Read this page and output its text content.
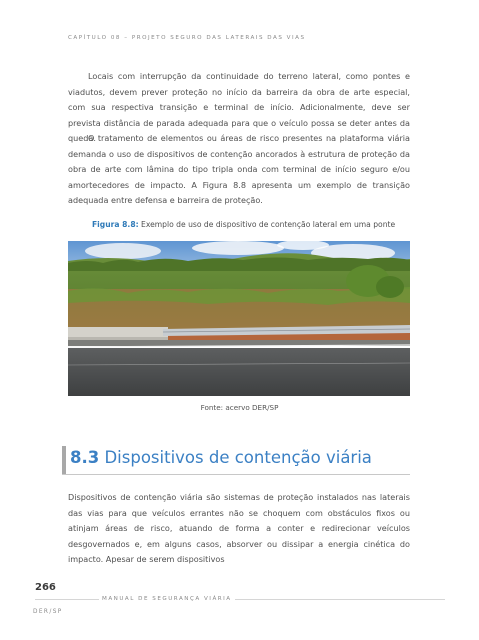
CAPÍTULO 08 – PROJETO SEGURO DAS LATERAIS DAS VIAS

Locais com interrupção da continuidade do terreno lateral, como pontes e viadutos, devem prever proteção no início da barreira da obra de arte especial, com sua respectiva transição e terminal de início. Adicionalmente, deve ser prevista distância de parada adequada para que o veículo possa se deter antes da queda.

O tratamento de elementos ou áreas de risco presentes na plataforma viária demanda o uso de dispositivos de contenção ancorados à estrutura de proteção da obra de arte com lâmina do tipo tripla onda com terminal de início seguro e/ou amortecedores de impacto. A Figura 8.8 apresenta um exemplo de transição adequada entre defensa e barreira de proteção.

Figura 8.8: Exemplo de uso de dispositivo de contenção lateral em uma ponte
Fonte: acervo DER/SP
8.3 Dispositivos de contenção viária

Dispositivos de contenção viária são sistemas de proteção instalados nas laterais das vias para que veículos errantes não se choquem com obstáculos fixos ou atinjam áreas de risco, atuando de forma a conter e redirecionar veículos desgovernados e, em alguns casos, absorver ou dissipar a energia cinética do impacto. Apesar de serem dispositivos

266
MANUAL DE SEGURANÇA VIÁRIA
DER/SP
